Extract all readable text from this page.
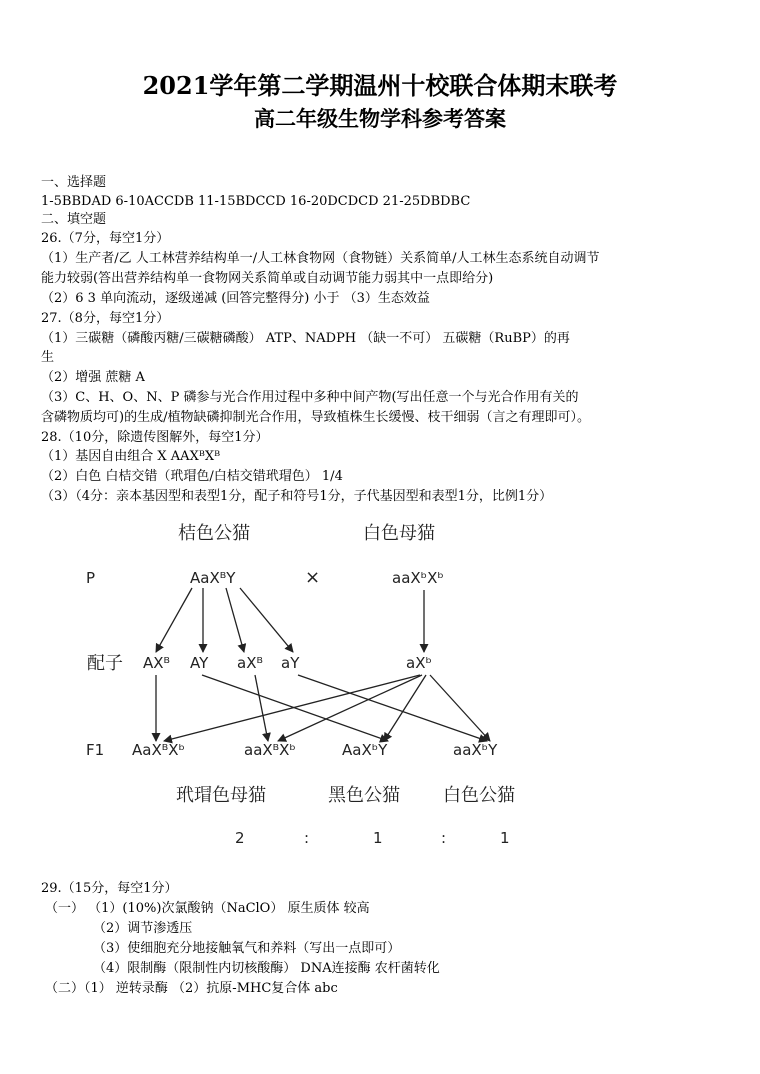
2021学年第二学期温州十校联合体期末联考
高二年级生物学科参考答案
一、选择题
1-5BBDAD 6-10ACCDB 11-15BDCCD 16-20DCDCD 21-25DBDBC
二、填空题
26.（7分，每空1分）
（1）生产者/乙 人工林营养结构单一/人工林食物网（食物链）关系简单/人工林生态系统自动调节
能力较弱(答出营养结构单一食物网关系简单或自动调节能力弱其中一点即给分)
（2）6 3 单向流动，逐级递减 (回答完整得分) 小于 （3）生态效益
27.（8分，每空1分）
（1）三碳糖（磷酸丙糖/三碳糖磷酸） ATP、NADPH （缺一不可） 五碳糖（RuBP）的再
生
（2）增强 蔗糖 A
（3）C、H、O、N、P 磷参与光合作用过程中多种中间产物(写出任意一个与光合作用有关的
含磷物质均可)的生成/植物缺磷抑制光合作用，导致植株生长缓慢、枝干细弱（言之有理即可）。
28.（10分，除遗传图解外，每空1分）
（1）基因自由组合 X AAXᴮXᴮ
（2）白色 白桔交错（玳瑁色/白桔交错玳瑁色） 1/4
（3）（4分：亲本基因型和表型1分，配子和符号1分，子代基因型和表型1分，比例1分）
桔色公猫	白色母猫
配子
玳瑁色母猫	黑色公猫 白色公猫
P	AaXᴮY	×	aaXᵇXᵇ
AXᴮ AY aXᴮ aY	aXᵇ
F1 AaXᴮXᵇ	aaXᴮXᵇ	AaXᵇY	aaXᵇY
2	:	1	:	1
29.（15分，每空1分）
（一） （1）(10%)次氯酸钠（NaClO） 原生质体 较高
（2）调节渗透压
（3）使细胞充分地接触氧气和养料（写出一点即可）
（4）限制酶（限制性内切核酸酶） DNA连接酶 农杆菌转化
（二）（1） 逆转录酶 （2）抗原-MHC复合体 abc
